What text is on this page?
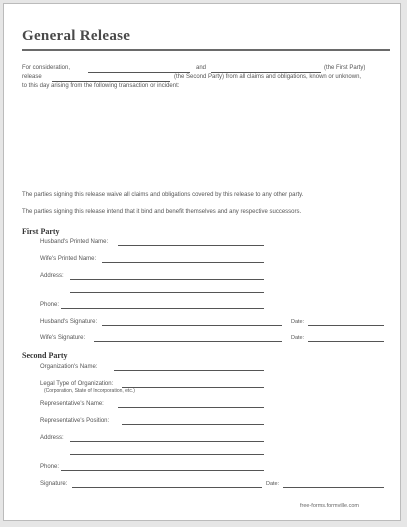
General Release
For consideration,	and	(the First Party)
release	(the Second Party) from all claims and obligations, known or unknown,
to this day arising from the following transaction or incident:
The parties signing this release waive all claims and obligations covered by this release to any other party.
The parties signing this release intend that it bind and benefit themselves and any respective successors.
First Party
Husband's Printed Name:
Wife's Printed Name:
Address:
Phone:
Husband's Signature:	Date:
Wife's Signature:	Date:
Second Party
Organization's Name:
Legal Type of Organization:
(Corporation, State of Incorporation, etc.)
Representative's Name:
Representative's Position:
Address:
Phone:
Signature:	Date:
free-forms.formville.com
